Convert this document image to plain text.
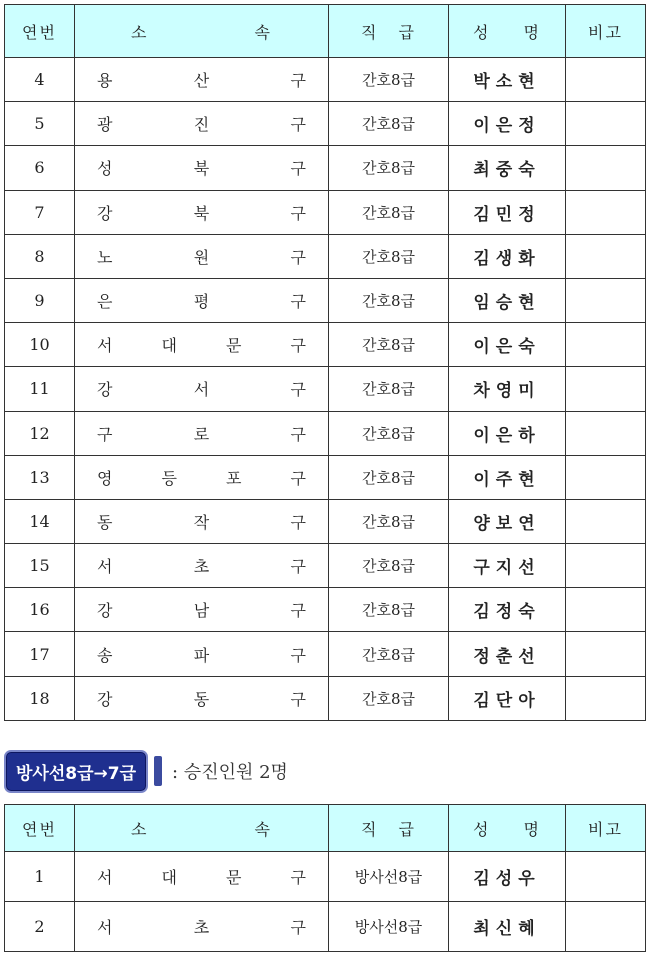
연번	소 속	직 급	성 명	비고
4	용 산 구	간호8급	박소현	
5	광 진 구	간호8급	이은정	
6	성 북 구	간호8급	최중숙	
7	강 북 구	간호8급	김민정	
8	노 원 구	간호8급	김생화	
9	은 평 구	간호8급	임승현	
10	서 대 문 구	간호8급	이은숙	
11	강 서 구	간호8급	차영미	
12	구 로 구	간호8급	이은하	
13	영 등 포 구	간호8급	이주현	
14	동 작 구	간호8급	양보연	
15	서 초 구	간호8급	구지선	
16	강 남 구	간호8급	김정숙	
17	송 파 구	간호8급	정춘선	
18	강 동 구	간호8급	김단아	
방사선8급→7급	: 승진인원 2명
연번	소 속	직 급	성 명	비고
1	서 대 문 구	방사선8급	김성우	
2	서 초 구	방사선8급	최신혜	
